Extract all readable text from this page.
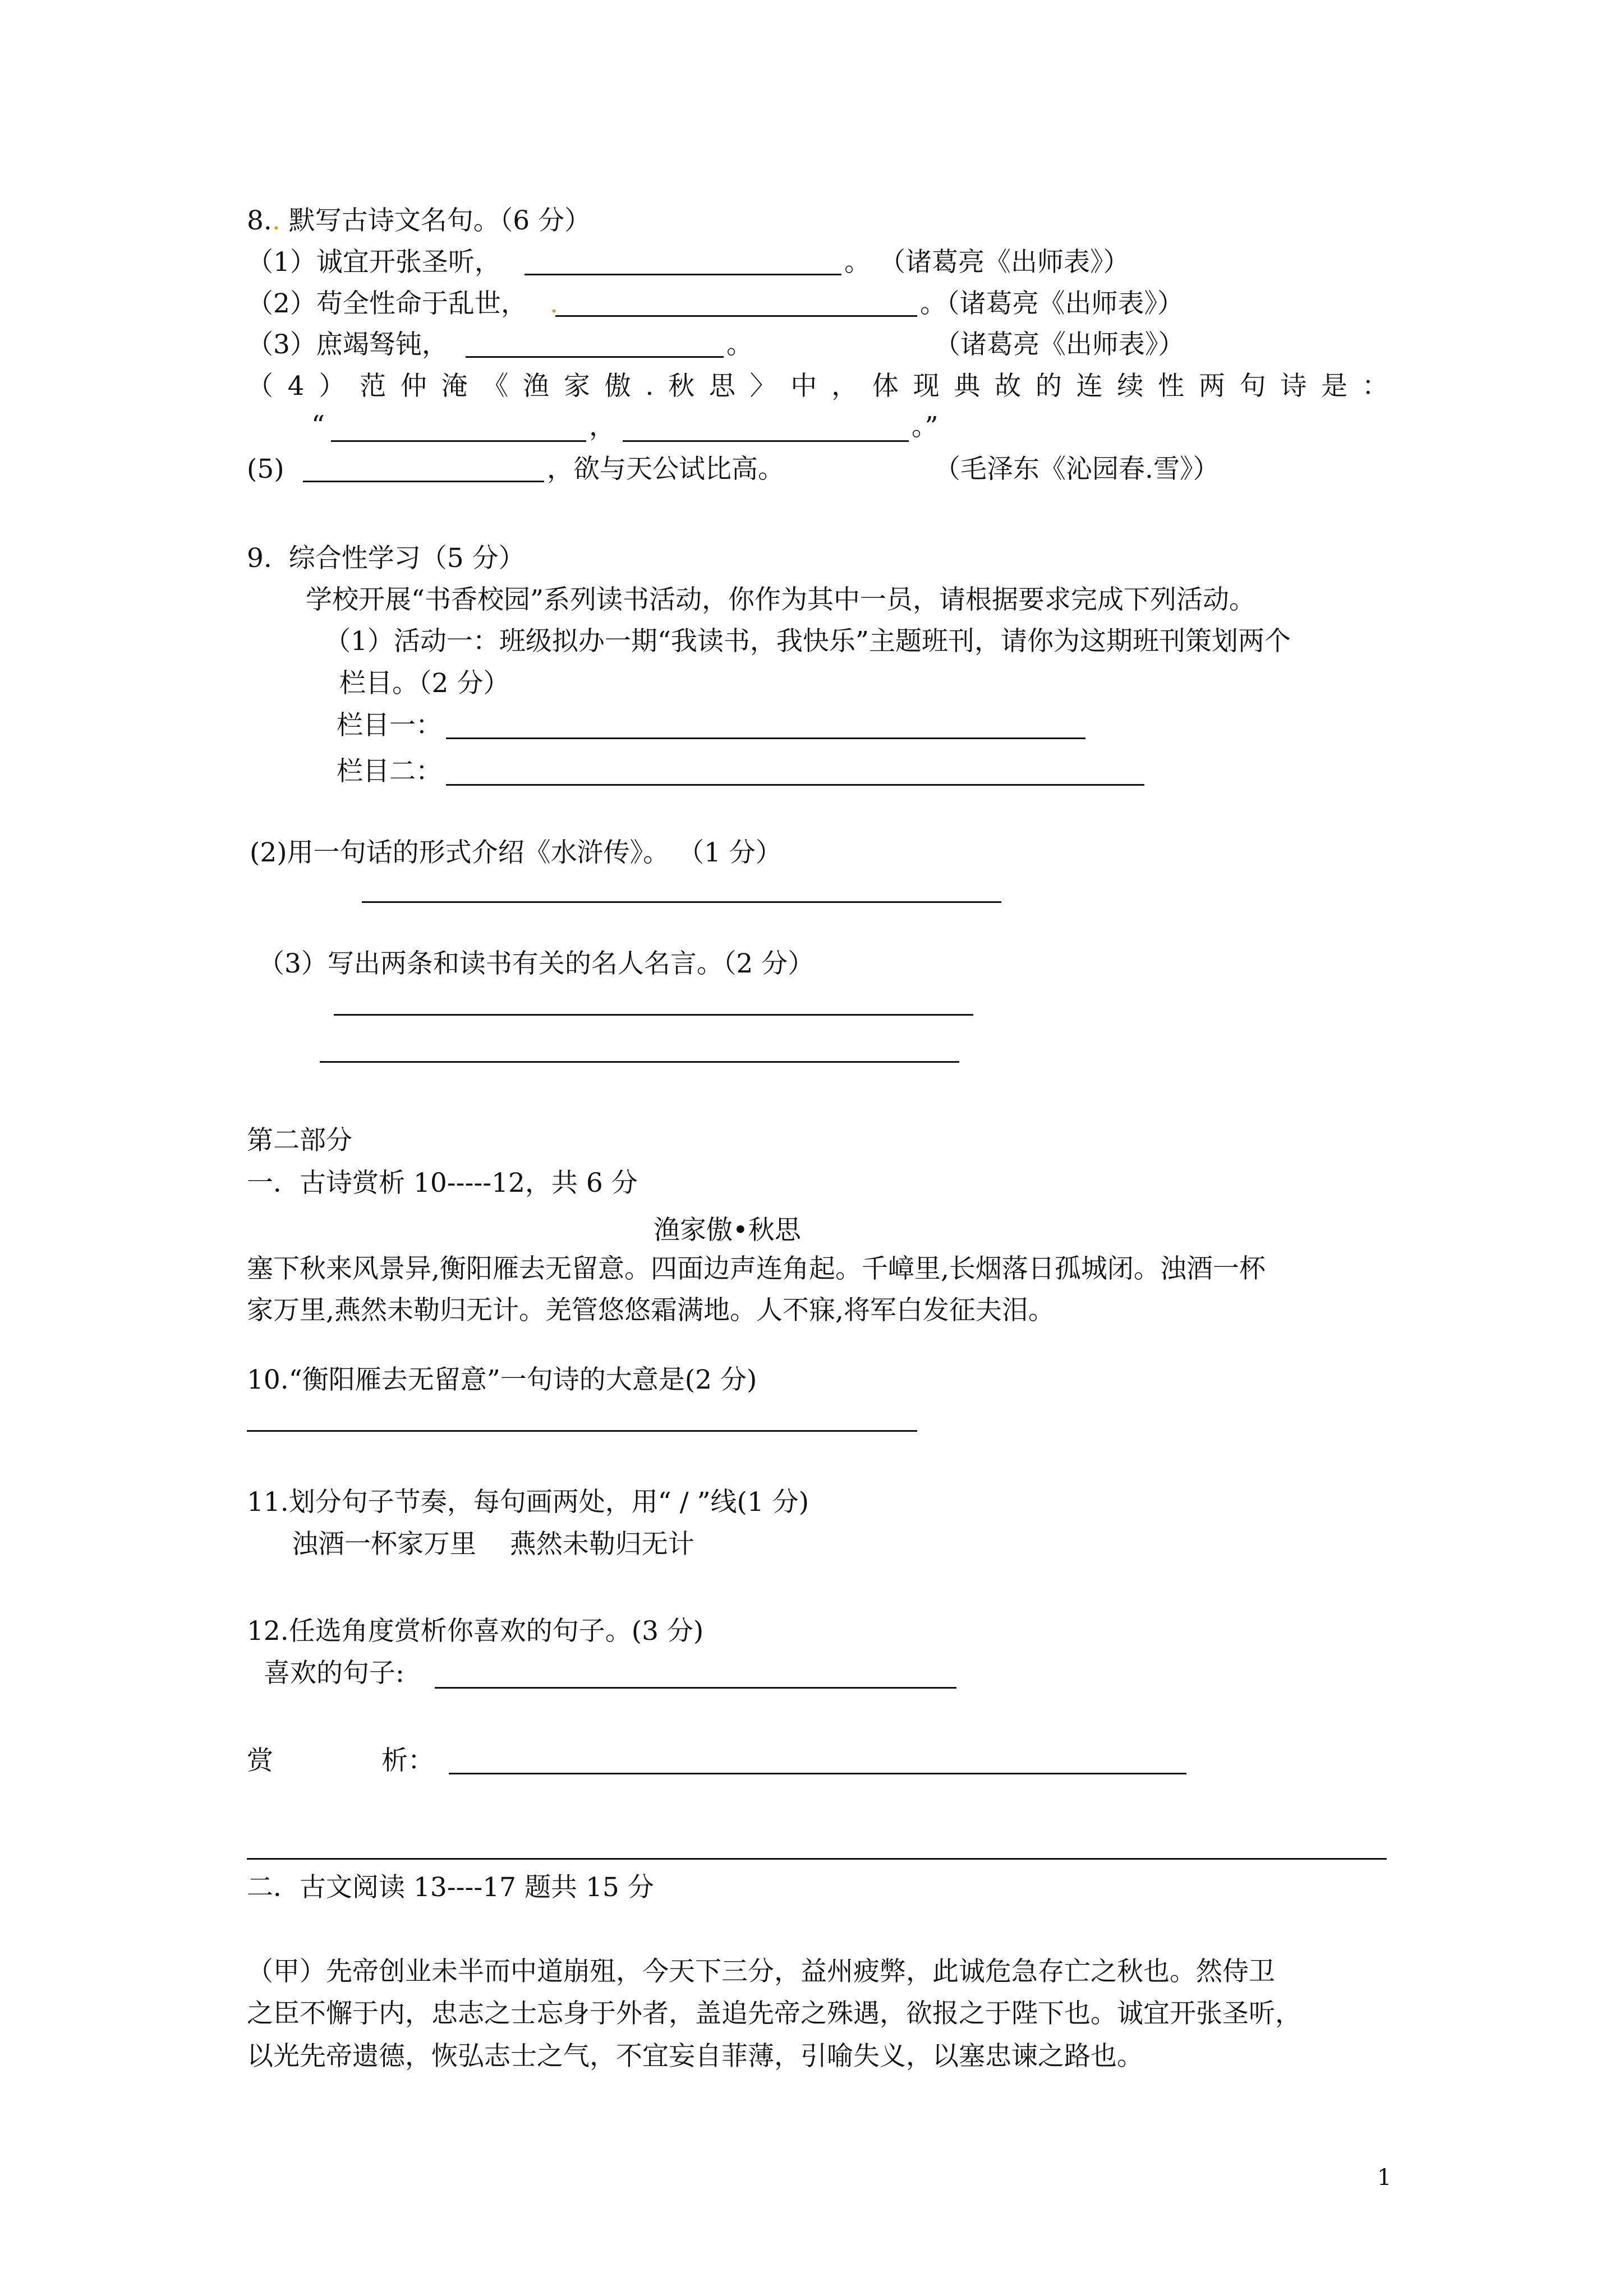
8.. 默写古诗文名句。（6 分）
（1）诚宜开张圣听，	。 （诸葛亮《出师表》）
（2）苟全性命于乱世， .	。（诸葛亮《出师表》）
（3）庶竭驽钝，	。	（诸葛亮《出师表》）
（ 4 ） 范 仲 淹 《 渔 家 傲 . 秋 思 〉 中 ， 体 现 典 故 的 连 续 性 两 句 诗 是 ：
“	，	。”
(5)	，欲与天公试比高。	（毛泽东《沁园春.雪》）
9.  综合性学习（5 分）
学校开展“书香校园”系列读书活动，你作为其中一员，请根据要求完成下列活动。
（1）活动一：班级拟办一期“我读书，我快乐”主题班刊，请你为这期班刊策划两个
栏目。（2 分）
栏目一：
栏目二：
(2)用一句话的形式介绍《水浒传》。 （1 分）
（3）写出两条和读书有关的名人名言。（2 分）
第二部分
一．古诗赏析 10-----12，共 6 分
渔家傲•秋思
塞下秋来风景异,衡阳雁去无留意。四面边声连角起。千嶂里,长烟落日孤城闭。浊酒一杯
家万里,燕然未勒归无计。羌管悠悠霜满地。人不寐,将军白发征夫泪。
10.“衡阳雁去无留意”一句诗的大意是(2 分)
11.划分句子节奏，每句画两处，用“ / ”线(1 分)
浊酒一杯家万里    燕然未勒归无计
12.任选角度赏析你喜欢的句子。(3 分)
喜欢的句子:
赏	析：
二．古文阅读 13----17 题共 15 分
（甲）先帝创业未半而中道崩殂，今天下三分，益州疲弊，此诚危急存亡之秋也。然侍卫
之臣不懈于内，忠志之士忘身于外者，盖追先帝之殊遇，欲报之于陛下也。诚宜开张圣听，
以光先帝遗德，恢弘志士之气，不宜妄自菲薄，引喻失义，以塞忠谏之路也。
1
